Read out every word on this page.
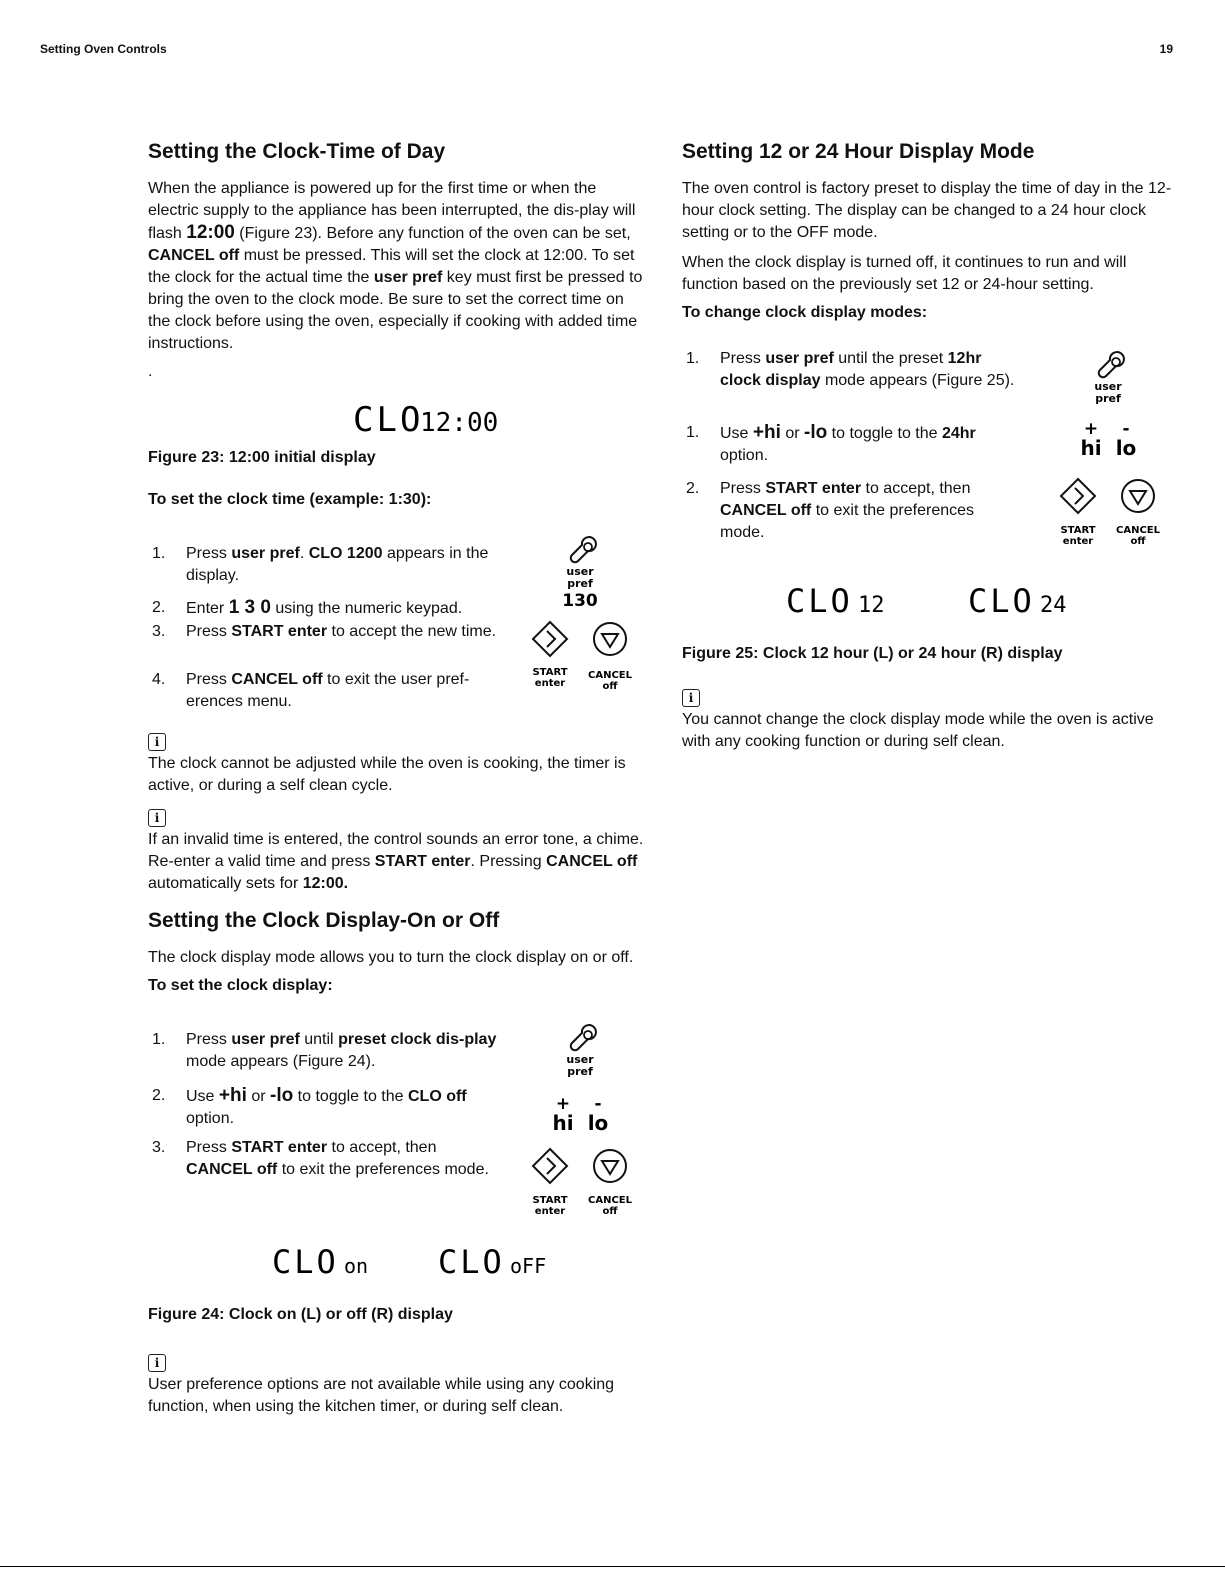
Setting Oven Controls	19
Setting the Clock-Time of Day

When the appliance is powered up for the first time or when the electric supply to the appliance has been interrupted, the dis-play will flash 12:00 (Figure 23). Before any function of the oven can be set, CANCEL off must be pressed. This will set the clock at 12:00. To set the clock for the actual time the user pref key must first be pressed to bring the oven to the clock mode. Be sure to set the correct time on the clock before using the oven, especially if cooking with added time instructions.

.
CLO
12:00
Figure 23: 12:00 initial display
To set the clock time (example: 1:30):
1.	Press user pref. CLO 1200 appears in the display.
2.	Enter 1 3 0 using the numeric keypad.
3.	Press START enter to accept the new time.
4.	Press CANCEL off to exit the user pref-erences menu.
user
pref
130
START
enter
CANCEL
off
i

The clock cannot be adjusted while the oven is cooking, the timer is active, or during a self clean cycle.

i

If an invalid time is entered, the control sounds an error tone, a chime. Re-enter a valid time and press START enter. Pressing CANCEL off automatically sets for 12:00.

Setting the Clock Display-On or Off

The clock display mode allows you to turn the clock display on or off.

To set the clock display:
1.	Press user pref until preset clock dis-play mode appears (Figure 24).
2.	Use +hi or -lo to toggle to the CLO off option.
3.	Press START enter to accept, then CANCEL off to exit the preferences mode.
user
pref
+ -
hi lo
START
enter
CANCEL
off
CLO on CLO oFF
Figure 24: Clock on (L) or off (R) display
i

User preference options are not available while using any cooking function, when using the kitchen timer, or during self clean.

Setting 12 or 24 Hour Display Mode

The oven control is factory preset to display the time of day in the 12-hour clock setting. The display can be changed to a 24 hour clock setting or to the OFF mode.

When the clock display is turned off, it continues to run and will function based on the previously set 12 or 24-hour setting.

To change clock display modes:
1.	Press user pref until the preset 12hr clock display mode appears (Figure 25).
1.	Use +hi or -lo to toggle to the 24hr option.
2.	Press START enter to accept, then CANCEL off to exit the preferences mode.
user
pref
+ -
hi lo
START
enter
CANCEL
off
CLO 12	CLO 24
Figure 25: Clock 12 hour (L) or 24 hour (R) display
i

You cannot change the clock display mode while the oven is active with any cooking function or during self clean.
